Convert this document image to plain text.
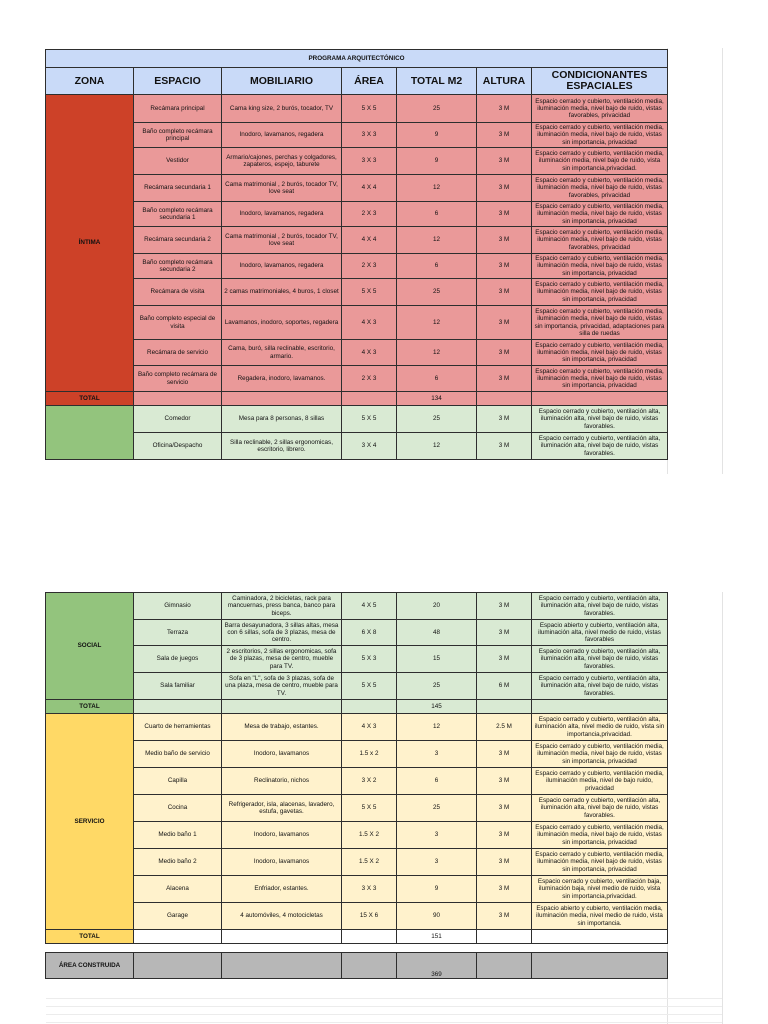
PROGRAMA ARQUITECTÓNICO						
ZONA	ESPACIO	MOBILIARIO	ÁREA	TOTAL M2	ALTURA	CONDICIONANTES ESPACIALES
ÍNTIMA	Recámara principal	Cama king size, 2 burós, tocador, TV	5 X 5	25	3 M	Espacio cerrado y cubierto, ventilación media, iluminación media, nivel bajo de ruido, vistas favorables, privacidad
	Baño completo recámara principal	Inodoro, lavamanos, regadera	3 X 3	9	3 M	Espacio cerrado y cubierto, ventilación media, iluminación media, nivel bajo de ruido, vistas sin importancia, privacidad
	Vestidor	Armario/cajones, perchas y colgadores, zapateros, espejo, taburete	3 X 3	9	3 M	Espacio cerrado y cubierto, ventilación media, iluminación media, nivel bajo de ruido, vista sin importancia,privacidad.
	Recámara secundaria 1	Cama matrimonial , 2 burós, tocador TV, love seat	4 X 4	12	3 M	Espacio cerrado y cubierto, ventilación media, iluminación media, nivel bajo de ruido, vistas favorables, privacidad
	Baño completo recámara secundaria 1	Inodoro, lavamanos, regadera	2 X 3	6	3 M	Espacio cerrado y cubierto, ventilación media, iluminación media, nivel bajo de ruido, vistas sin importancia, privacidad
	Recámara secundaria 2	Cama matrimonial , 2 burós, tocador TV, love seat	4 X 4	12	3 M	Espacio cerrado y cubierto, ventilación media, iluminación media, nivel bajo de ruido, vistas favorables, privacidad
	Baño completo recámara secundaria 2	Inodoro, lavamanos, regadera	2 X 3	6	3 M	Espacio cerrado y cubierto, ventilación media, iluminación media, nivel bajo de ruido, vistas sin importancia, privacidad
	Recámara de visita	2 camas matrimoniales, 4 buros, 1 closet	5 X 5	25	3 M	Espacio cerrado y cubierto, ventilación media, iluminación media, nivel bajo de ruido, vistas sin importancia, privacidad
	Baño completo especial de visita	Lavamanos, inodoro, soportes, regadera	4 X 3	12	3 M	Espacio cerrado y cubierto, ventilación media, iluminación media, nivel bajo de ruido, vistas sin importancia, privacidad, adaptaciones para silla de ruedas
	Recámara de servicio	Cama, buró, silla reclinable, escritorio, armario.	4 X 3	12	3 M	Espacio cerrado y cubierto, ventilación media, iluminación media, nivel bajo de ruido, vistas sin importancia, privacidad
	Baño completo recámara de servicio	Regadera, inodoro, lavamanos.	2 X 3	6	3 M	Espacio cerrado y cubierto, ventilación media, iluminación media, nivel bajo de ruido, vistas sin importancia, privacidad
TOTAL				134		
	Comedor	Mesa para 8 personas, 8 sillas	5 X 5	25	3 M	Espacio cerrado y cubierto, ventilación alta, iluminación alta, nivel bajo de ruido, vistas favorables.
	Oficina/Despacho	Silla reclinable, 2 sillas ergonomicas, escritorio, librero.	3 X 4	12	3 M	Espacio cerrado y cubierto, ventilación alta, iluminación alta, nivel bajo de ruido, vistas favorables.
SOCIAL	Gimnasio	Caminadora, 2 bicicletas, rack para mancuernas, press banca, banco para biceps.	4 X 5	20	3 M	Espacio cerrado y cubierto, ventilación alta, iluminación alta, nivel bajo de ruido, vistas favorables.
	Terraza	Barra desayunadora, 3 sillas altas, mesa con 6 sillas, sofa de 3 plazas, mesa de centro.	6 X 8	48	3 M	Espacio abierto y cubierto, ventilación alta, iluminación alta, nivel medio de ruido, vistas favorables
	Sala de juegos	2 escritorios, 2 sillas ergonomicas, sofa de 3 plazas, mesa de centro, mueble para TV.	5 X 3	15	3 M	Espacio cerrado y cubierto, ventilación alta, iluminación alta, nivel bajo de ruido, vistas favorables.
	Sala familiar	Sofa en "L", sofa de 3 plazas, sofa de una plaza, mesa de centro, mueble para TV.	5 X 5	25	6 M	Espacio cerrado y cubierto, ventilación alta, iluminación alta, nivel bajo de ruido, vistas favorables.
TOTAL				145		
SERVICIO	Cuarto de herramientas	Mesa de trabajo, estantes.	4 X 3	12	2.5 M	Espacio cerrado y cubierto, ventilación alta, iluminación alta, nivel medio de ruido, vista sin importancia,privacidad.
	Medio baño de servicio	Inodoro, lavamanos	1.5 x 2	3	3 M	Espacio cerrado y cubierto, ventilación media, iluminación media, nivel bajo de ruido, vistas sin importancia, privacidad
	Capilla	Reclinatorio, nichos	3 X 2	6	3 M	Espacio cerrado y cubierto, ventilación media, iluminación media, nivel de bajo ruido, privacidad
	Cocina	Refrigerador, isla, alacenas, lavadero, estufa, gavetas.	5 X 5	25	3 M	Espacio cerrado y cubierto, ventilación alta, iluminación alta, nivel bajo de ruido, vistas favorables.
	Medio baño 1	Inodoro, lavamanos	1.5 X 2	3	3 M	Espacio cerrado y cubierto, ventilación media, iluminación media, nivel bajo de ruido, vistas sin importancia, privacidad
	Medio baño 2	Inodoro, lavamanos	1.5 X 2	3	3 M	Espacio cerrado y cubierto, ventilación media, iluminación media, nivel bajo de ruido, vistas sin importancia, privacidad
	Alacena	Enfriador, estantes.	3 X 3	9	3 M	Espacio cerrado y cubierto, ventilación baja, iluminación baja, nivel medio de ruido, vista sin importancia,privacidad.
	Garage	4 automóviles, 4 motocicletas	15 X 6	90	3 M	Espacio abierto y cubierto, ventilación media, iluminación media, nivel medio de ruido, vista sin importancia.
TOTAL				151		

ÁREA CONSTRUIDA				369		
